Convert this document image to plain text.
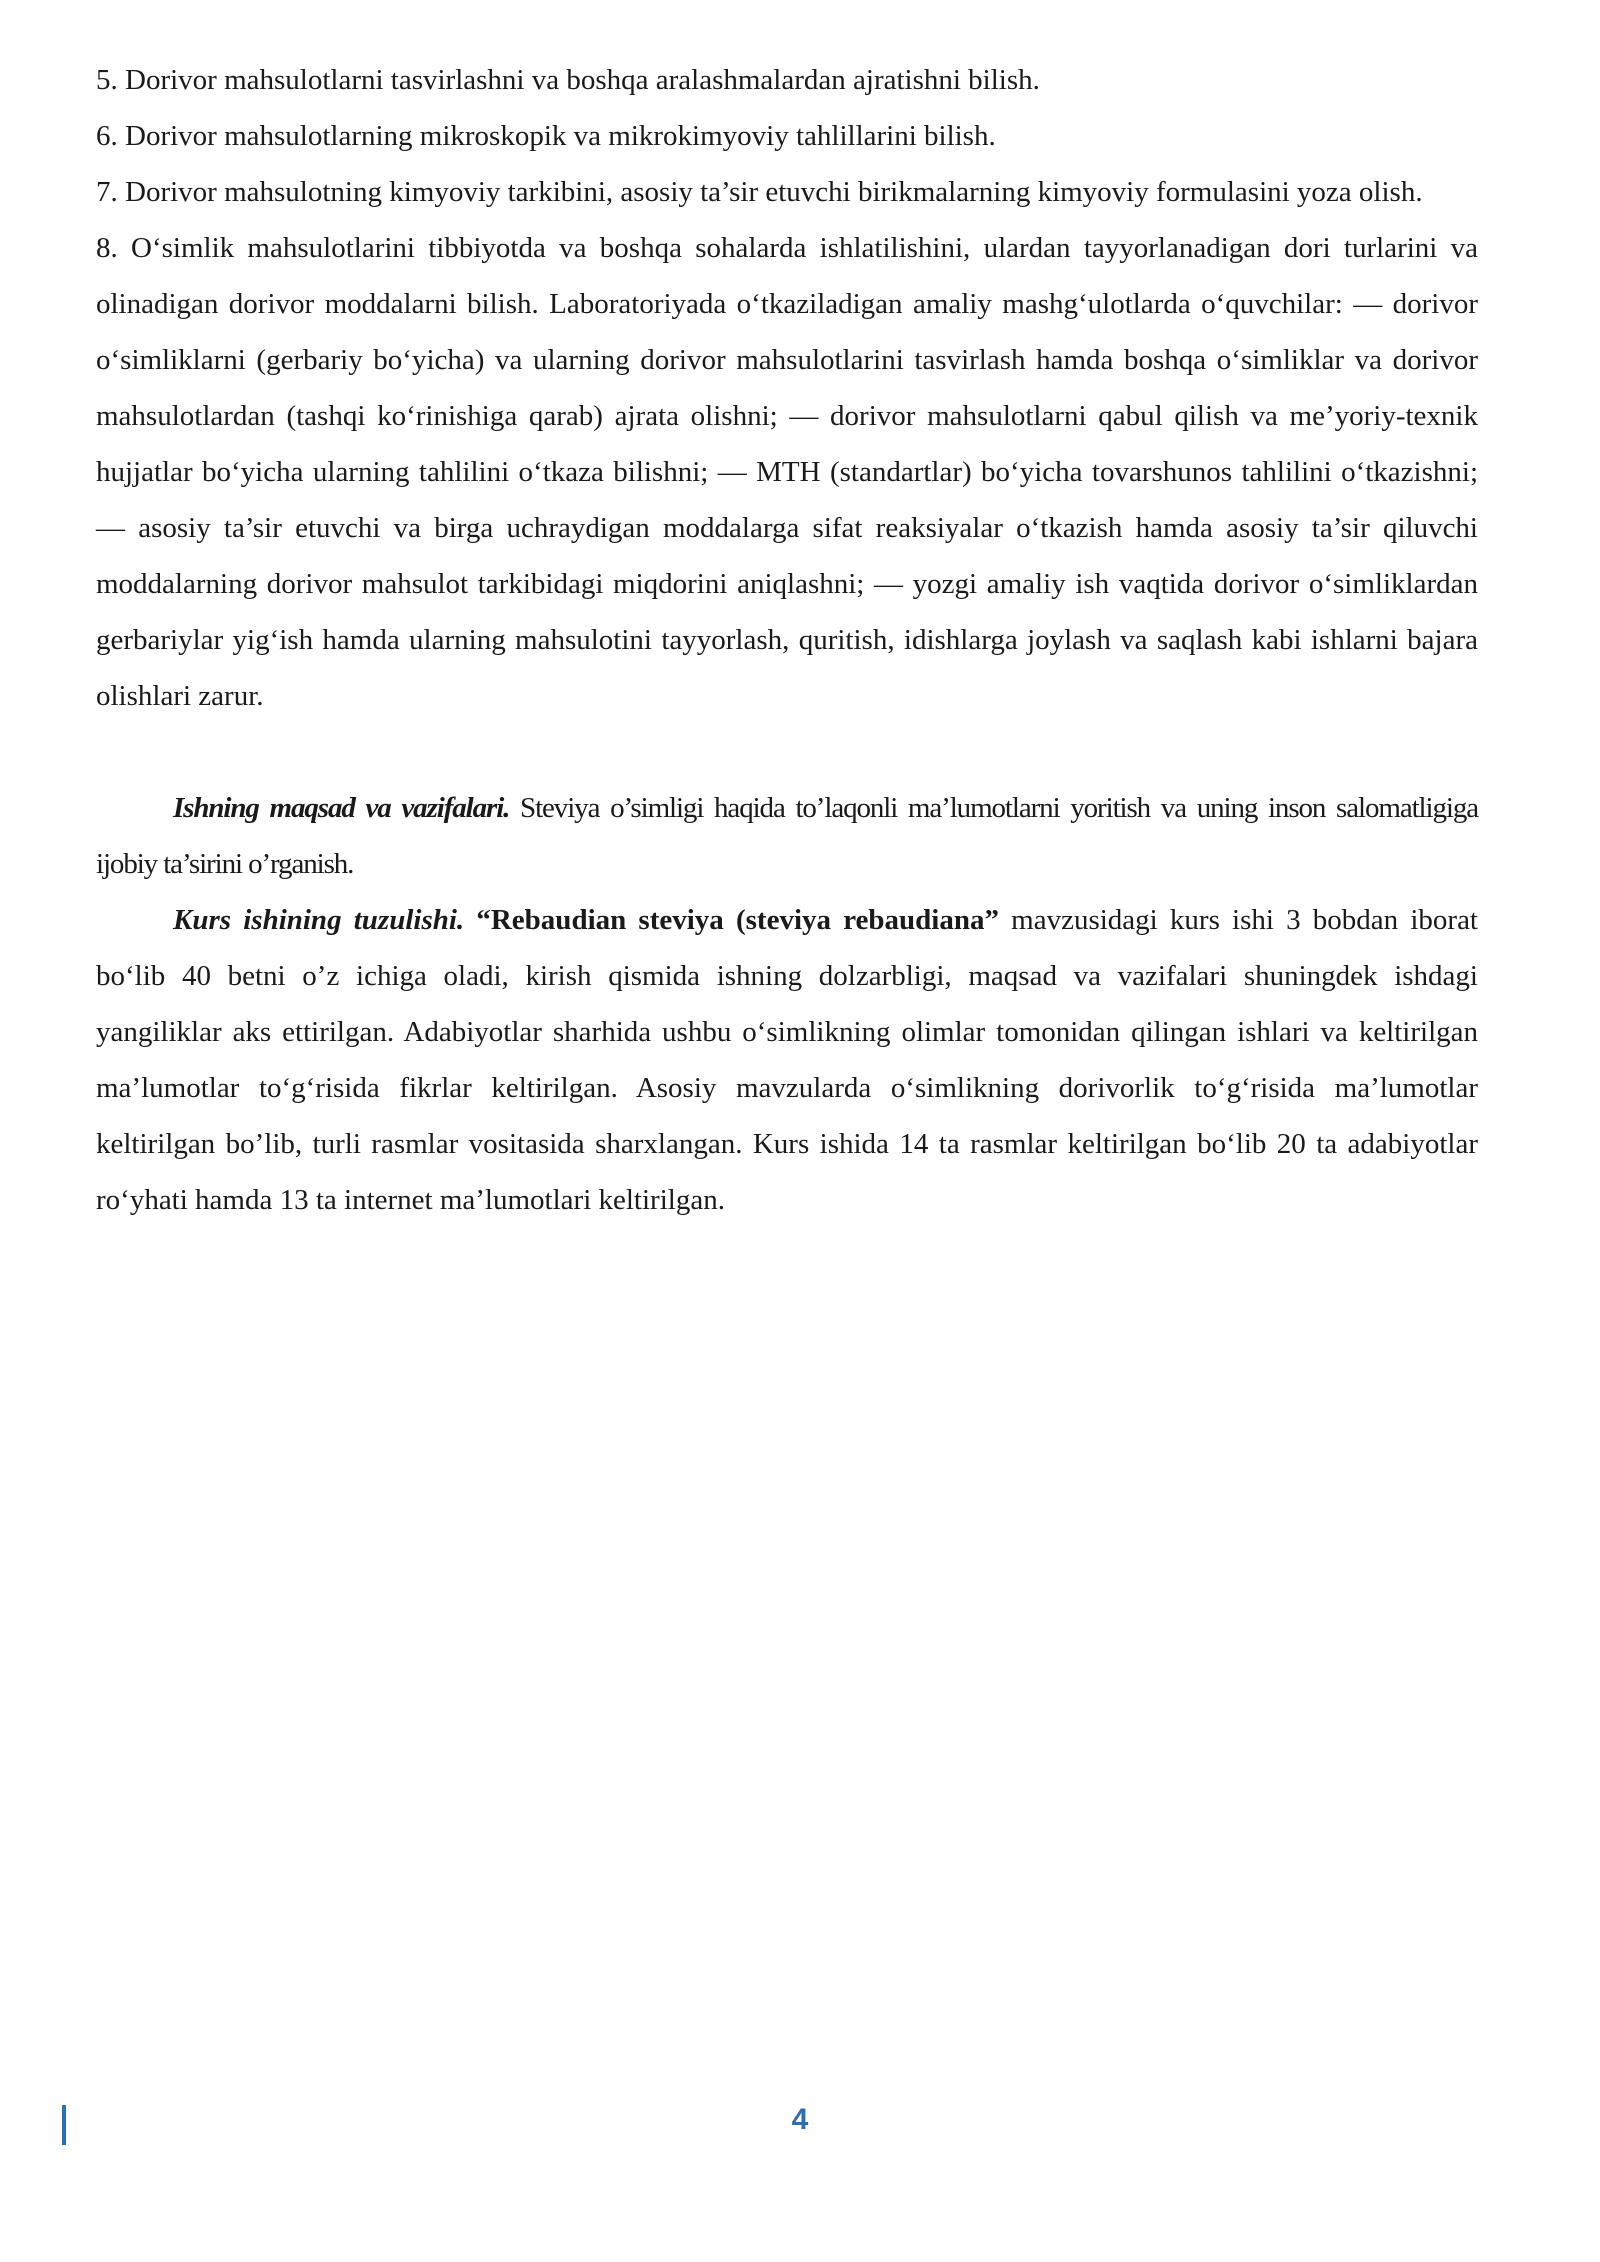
5. Dorivor mahsulotlarni tasvirlashni va boshqa aralashmalardan ajratishni bilish.

6. Dorivor mahsulotlarning mikroskopik va mikrokimyoviy tahlillarini bilish.

7. Dorivor mahsulotning kimyoviy tarkibini, asosiy ta’sir etuvchi birikmalarning kimyoviy formulasini yoza olish.

8. O‘simlik mahsulotlarini tibbiyotda va boshqa sohalarda ishlatilishini, ulardan tayyorlanadigan dori turlarini va olinadigan dorivor moddalarni bilish. Laboratoriyada o‘tkaziladigan amaliy mashg‘ulotlarda o‘quvchilar: — dorivor o‘simliklarni (gerbariy bo‘yicha) va ularning dorivor mahsulotlarini tasvirlash hamda boshqa o‘simliklar va dorivor mahsulotlardan (tashqi ko‘rinishiga qarab) ajrata olishni; — dorivor mahsulotlarni qabul qilish va me’yoriy-texnik hujjatlar bo‘yicha ularning tahlilini o‘tkaza bilishni; — MTH (standartlar) bo‘yicha tovarshunos tahlilini o‘tkazishni; — asosiy ta’sir etuvchi va birga uchraydigan moddalarga sifat reaksiyalar o‘tkazish hamda asosiy ta’sir qiluvchi moddalarning dorivor mahsulot tarkibidagi miqdorini aniqlashni; — yozgi amaliy ish vaqtida dorivor o‘simliklardan gerbariylar yig‘ish hamda ularning mahsulotini tayyorlash, quritish, idishlarga joylash va saqlash kabi ishlarni bajara olishlari zarur.

Ishning maqsad va vazifalari. Steviya o’simligi haqida to’laqonli ma’lumotlarni yoritish va uning inson salomatligiga ijobiy ta’sirini o’rganish.

Kurs ishining tuzulishi. “Rebaudian steviya (steviya rebaudiana” mavzusidagi kurs ishi 3 bobdan iborat bo‘lib 40 betni o’z ichiga oladi, kirish qismida ishning dolzarbligi, maqsad va vazifalari shuningdek ishdagi yangiliklar aks ettirilgan. Adabiyotlar sharhida ushbu o‘simlikning olimlar tomonidan qilingan ishlari va keltirilgan ma’lumotlar to‘g‘risida fikrlar keltirilgan. Asosiy mavzularda o‘simlikning dorivorlik to‘g‘risida ma’lumotlar keltirilgan bo’lib, turli rasmlar vositasida sharxlangan. Kurs ishida 14 ta rasmlar keltirilgan bo‘lib 20 ta adabiyotlar ro‘yhati hamda 13 ta internet ma’lumotlari keltirilgan.

4
